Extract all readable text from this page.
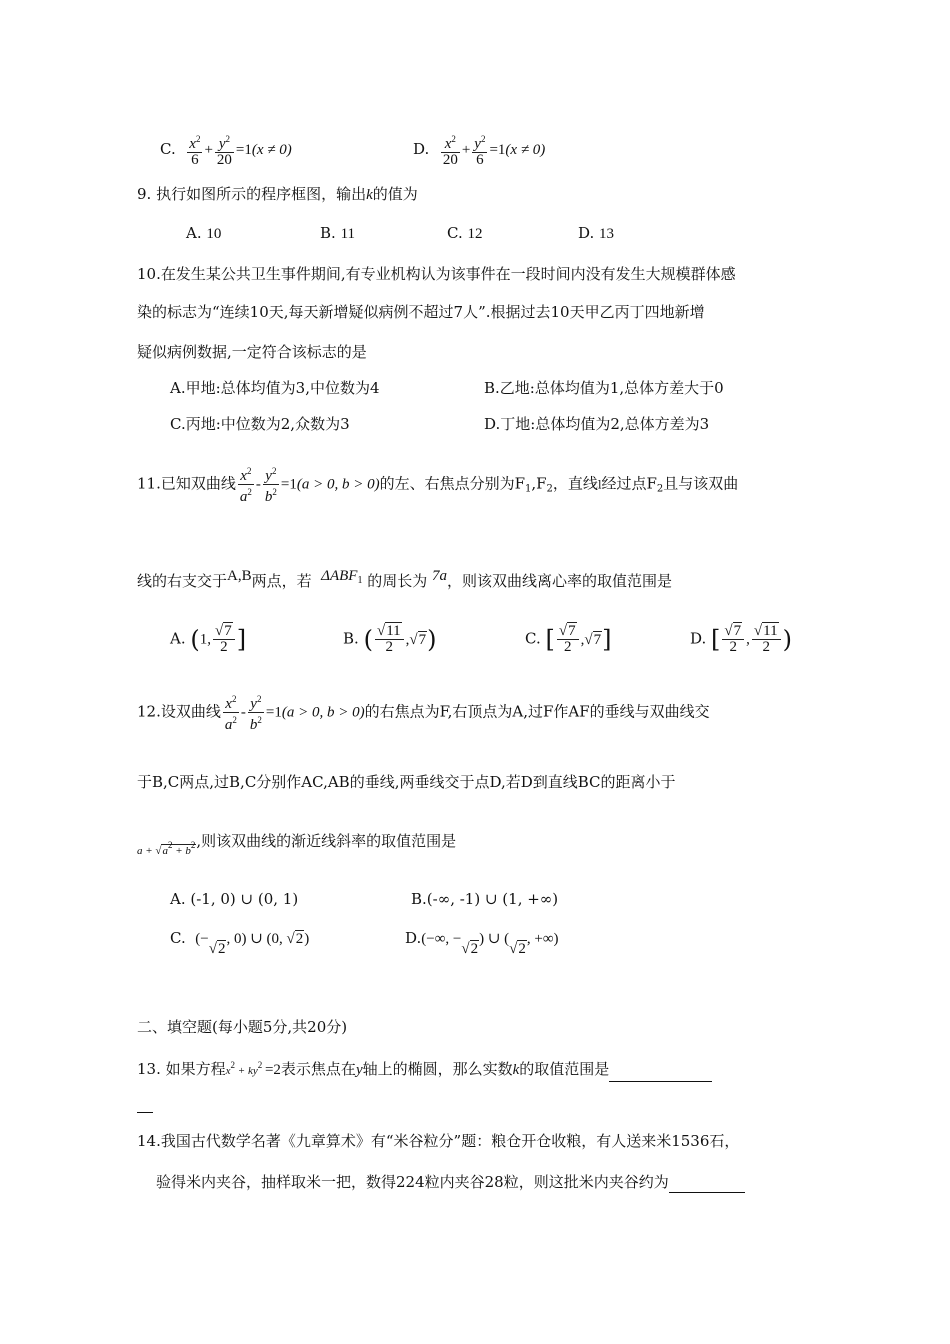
C. $\frac{x^2}{6} + \frac{y^2}{20} =1(x \ne 0)$	D. $\frac{x^2}{20} + \frac{y^2}{6} =1(x \ne 0)$
9. 执行如图所示的程序框图，输出k的值为
A. 10	B. 11	C. 12	D. 13
10.在发生某公共卫生事件期间,有专业机构认为该事件在一段时间内没有发生大规模群体感
染的标志为“连续10天,每天新增疑似病例不超过7人”.根据过去10天甲乙丙丁四地新增
疑似病例数据,一定符合该标志的是
A.甲地:总体均值为3,中位数为4	B.乙地:总体均值为1,总体方差大于0
C.丙地:中位数为2,众数为3	D.丁地:总体均值为2,总体方差为3
11.已知双曲线 $\frac{x^2}{a^2} - \frac{y^2}{b^2} =1(a > 0$, b > 0)的左、右焦点分别为$F_1,F_2$，直线l经过点$F_2$且与该双曲
线的右支交于A,B两点，若 $\Delta ABF_1$ 的周长为 7a，则该双曲线离心率的取值范围是
A. (1, $\frac{√7}{2}$ ]	B. ( $\frac{√11}{2} ,√7$)	C. [ $\frac{√7}{2} ,√7$]	D. [ $\frac{√7}{2}$ , $\frac{√11}{2}$ )
12.设双曲线 $\frac{x^2}{a^2} - \frac{y^2}{b^2} =1(a > 0$, b > 0)的右焦点为F,右顶点为A,过F作AF的垂线与双曲线交
于B,C两点,过B,C分别作AC,AB的垂线,两垂线交于点D,若D到直线BC的距离小于
$_{a + √a^2 + b^2}$,则该双曲线的渐近线斜率的取值范围是
A. (-1, 0) ∪ (0, 1)	B.(-∞, -1) ∪ (1, +∞)
C. (−√2, 0) ∪ (0, √2)	D.(−∞, −√2) ∪ (√2, +∞)
二、填空题(每小题5分,共20分)
13. 如果方程$x^2 + ky^2 =2$表示焦点在y轴上的椭圆，那么实数k的取值范围是
14.我国古代数学名著《九章算术》有“米谷粒分”题：粮仓开仓收粮，有人送来米1536石，
验得米内夹谷，抽样取米一把，数得224粒内夹谷28粒，则这批米内夹谷约为
